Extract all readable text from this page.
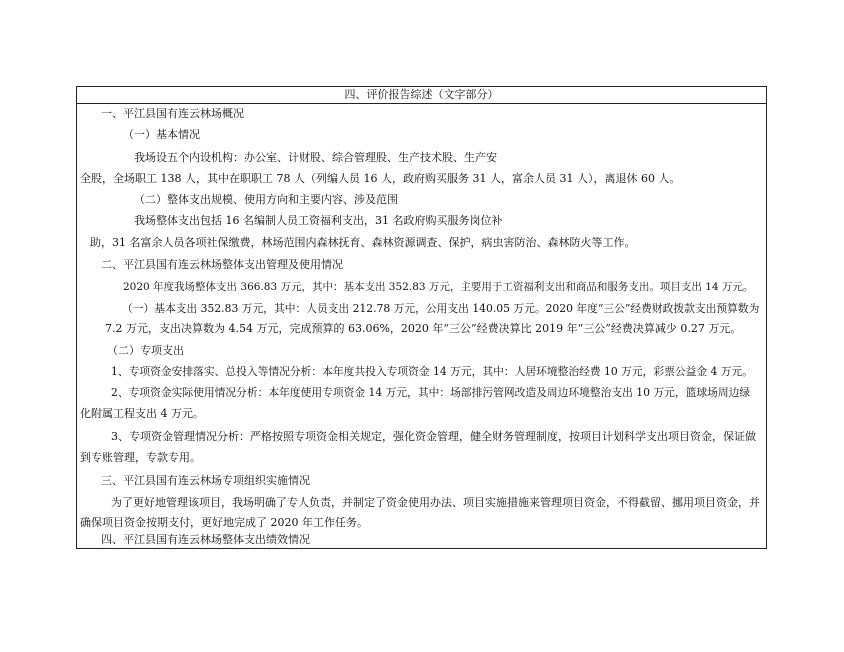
四、评价报告综述（文字部分）
一、平江县国有连云林场概况
（一）基本情况
我场设五个内设机构：办公室、计财股、综合管理股、生产技术股、生产安
全股，全场职工 138 人，其中在职职工 78 人（列编人员 16 人，政府购买服务 31 人，富余人员 31 人），离退休 60 人。
（二）整体支出规模、使用方向和主要内容、涉及范围
我场整体支出包括 16 名编制人员工资福利支出，31 名政府购买服务岗位补
助，31 名富余人员各项社保缴费，林场范围内森林抚育、森林资源调查、保护，病虫害防治、森林防火等工作。
二、平江县国有连云林场整体支出管理及使用情况
2020 年度我场整体支出 366.83 万元，其中：基本支出 352.83 万元，主要用于工资福利支出和商品和服务支出。项目支出 14 万元。
（一）基本支出 352.83 万元，其中：人员支出 212.78 万元，公用支出 140.05 万元。2020 年度“三公”经费财政拨款支出预算数为
7.2 万元，支出决算数为 4.54 万元，完成预算的 63.06%，2020 年“三公”经费决算比 2019 年“三公”经费决算减少 0.27 万元。
（二）专项支出
1、专项资金安排落实、总投入等情况分析：本年度共投入专项资金 14 万元，其中：人居环境整治经费 10 万元，彩票公益金 4 万元。
2、专项资金实际使用情况分析：本年度使用专项资金 14 万元，其中：场部排污管网改造及周边环境整治支出 10 万元，篮球场周边绿
化附属工程支出 4 万元。
3、专项资金管理情况分析：严格按照专项资金相关规定，强化资金管理，健全财务管理制度，按项目计划科学支出项目资金，保证做
到专账管理，专款专用。
三、平江县国有连云林场专项组织实施情况
为了更好地管理该项目，我场明确了专人负责，并制定了资金使用办法、项目实施措施来管理项目资金，不得截留、挪用项目资金，并
确保项目资金按期支付，更好地完成了 2020 年工作任务。
四、平江县国有连云林场整体支出绩效情况
